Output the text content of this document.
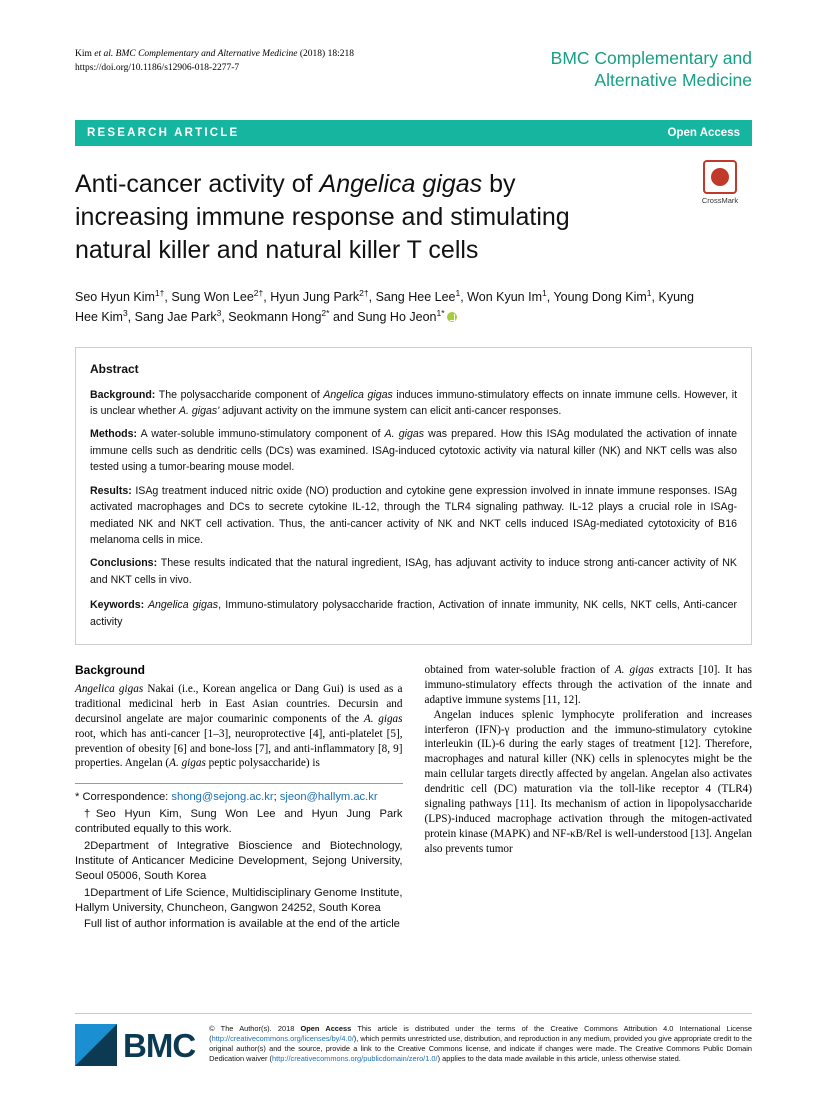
Kim et al. BMC Complementary and Alternative Medicine (2018) 18:218
https://doi.org/10.1186/s12906-018-2277-7	BMC Complementary and
Alternative Medicine
RESEARCH ARTICLE	Open Access
Anti-cancer activity of Angelica gigas by increasing immune response and stimulating natural killer and natural killer T cells
CrossMark
Seo Hyun Kim$^{1\dagger}$, Sung Won Lee$^{2\dagger}$, Hyun Jung Park$^{2\dagger}$, Sang Hee Lee$^1$, Won Kyun Im$^1$, Young Dong Kim$^1$, Kyung Hee Kim$^3$, Sang Jae Park$^3$, Seokmann Hong$^{2*}$ and Sung Ho Jeon$^{1*}$
Abstract

Background: The polysaccharide component of Angelica gigas induces immuno-stimulatory effects on innate immune cells. However, it is unclear whether A. gigas' adjuvant activity on the immune system can elicit anti-cancer responses.

Methods: A water-soluble immuno-stimulatory component of A. gigas was prepared. How this ISAg modulated the activation of innate immune cells such as dendritic cells (DCs) was examined. ISAg-induced cytotoxic activity via natural killer (NK) and NKT cells was also tested using a tumor-bearing mouse model.

Results: ISAg treatment induced nitric oxide (NO) production and cytokine gene expression involved in innate immune responses. ISAg activated macrophages and DCs to secrete cytokine IL-12, through the TLR4 signaling pathway. IL-12 plays a crucial role in ISAg-mediated NK and NKT cell activation. Thus, the anti-cancer activity of NK and NKT cells induced ISAg-mediated cytotoxicity of B16 melanoma cells in mice.

Conclusions: These results indicated that the natural ingredient, ISAg, has adjuvant activity to induce strong anti-cancer activity of NK and NKT cells in vivo.

Keywords: Angelica gigas, Immuno-stimulatory polysaccharide fraction, Activation of innate immunity, NK cells, NKT cells, Anti-cancer activity

Background

Angelica gigas Nakai (i.e., Korean angelica or Dang Gui) is used as a traditional medicinal herb in East Asian countries. Decursin and decursinol angelate are major coumarinic components of the A. gigas root, which has anti-cancer [1–3], neuroprotective [4], anti-platelet [5], prevention of obesity [6] and bone-loss [7], and anti-inflammatory [8, 9] properties. Angelan (A. gigas peptic polysaccharide) is

* Correspondence: shong@sejong.ac.kr; sjeon@hallym.ac.kr

†Seo Hyun Kim, Sung Won Lee and Hyun Jung Park contributed equally to this work.

2Department of Integrative Bioscience and Biotechnology, Institute of Anticancer Medicine Development, Sejong University, Seoul 05006, South Korea

1Department of Life Science, Multidisciplinary Genome Institute, Hallym University, Chuncheon, Gangwon 24252, South Korea

Full list of author information is available at the end of the article

obtained from water-soluble fraction of A. gigas extracts [10]. It has immuno-stimulatory effects through the activation of the innate and adaptive immune systems [11, 12].

Angelan induces splenic lymphocyte proliferation and increases interferon (IFN)-γ production and the immuno-stimulatory cytokine interleukin (IL)-6 during the early stages of treatment [12]. Therefore, macrophages and natural killer (NK) cells in splenocytes might be the main cellular targets directly affected by angelan. Angelan also activates dendritic cell (DC) maturation via the toll-like receptor 4 (TLR4) signaling pathways [11]. Its mechanism of action in lipopolysaccharide (LPS)-induced macrophage activation through the mitogen-activated protein kinase (MAPK) and NF-κB/Rel is well-understood [13]. Angelan also prevents tumor

BMC © The Author(s). 2018 Open Access This article is distributed under the terms of the Creative Commons Attribution 4.0 International License (http://creativecommons.org/licenses/by/4.0/), which permits unrestricted use, distribution, and reproduction in any medium, provided you give appropriate credit to the original author(s) and the source, provide a link to the Creative Commons license, and indicate if changes were made. The Creative Commons Public Domain Dedication waiver (http://creativecommons.org/publicdomain/zero/1.0/) applies to the data made available in this article, unless otherwise stated.
